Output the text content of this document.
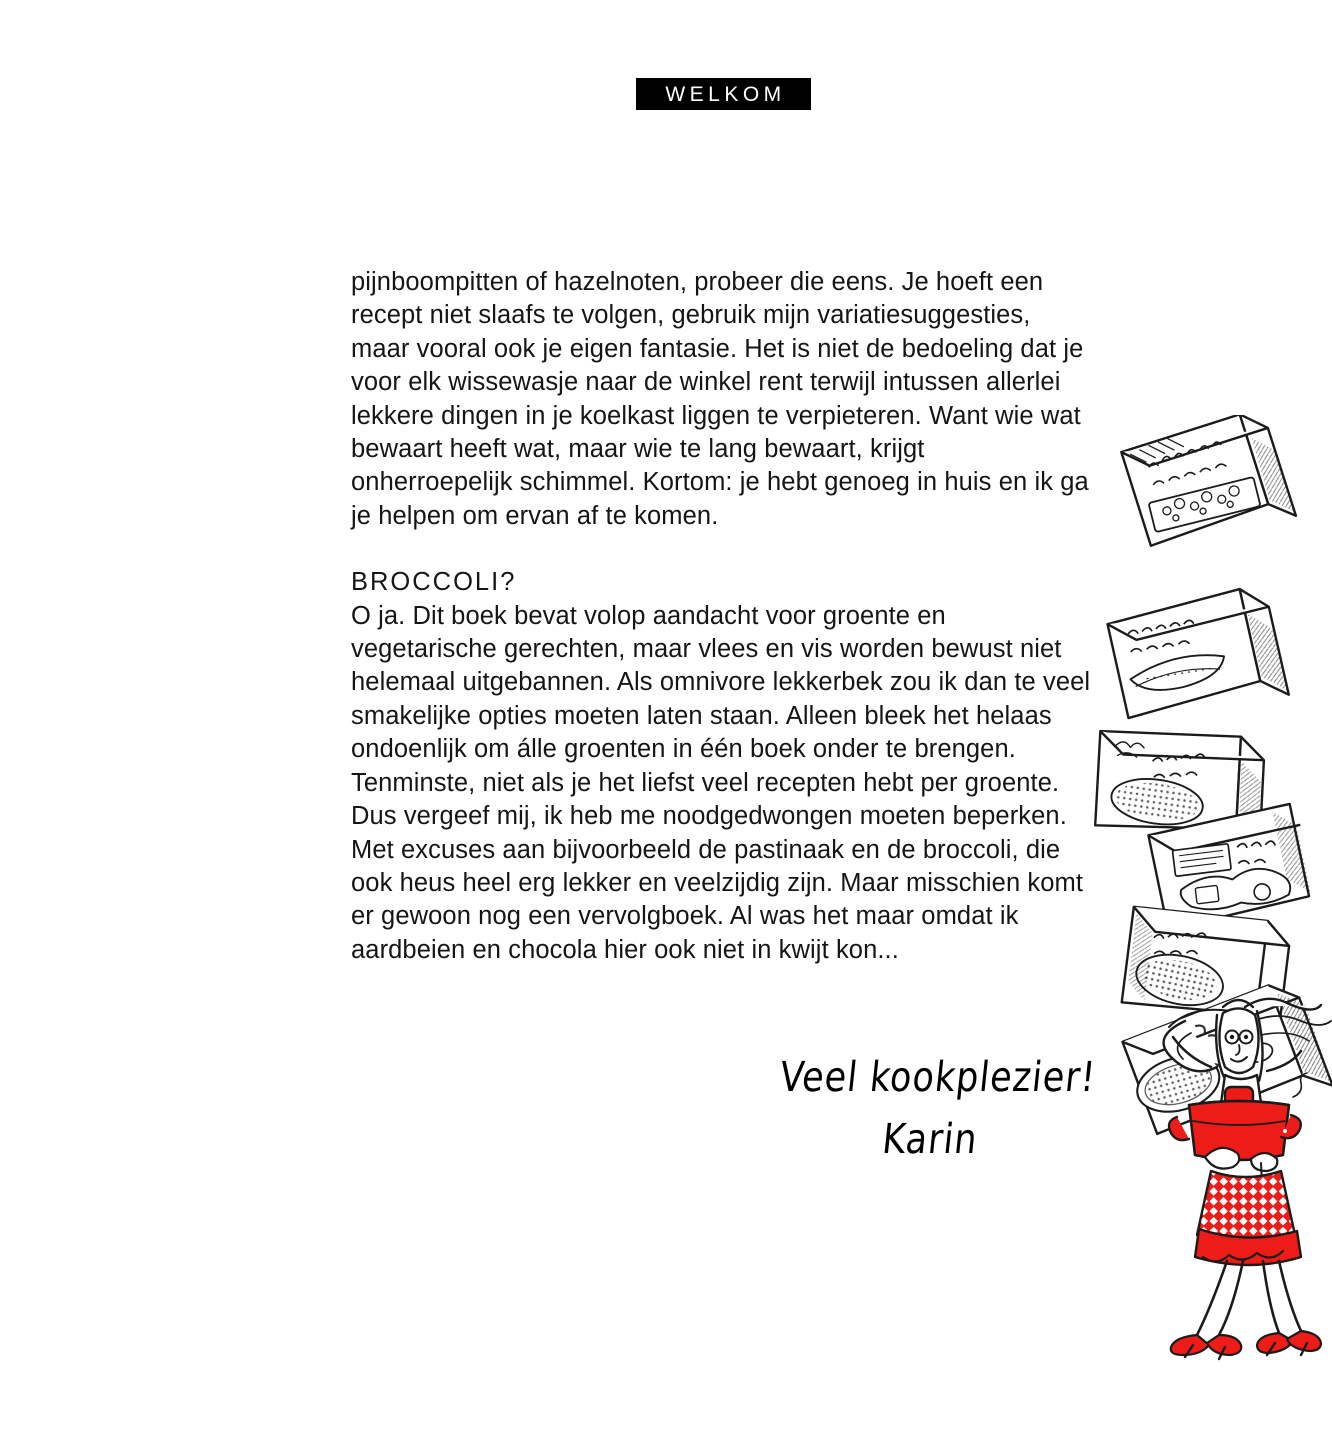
WELKOM

pijnboompitten of hazelnoten, probeer die eens. Je hoeft een recept niet slaafs te volgen, gebruik mijn variatiesuggesties, maar vooral ook je eigen fantasie. Het is niet de bedoeling dat je voor elk wissewasje naar de winkel rent terwijl intussen allerlei lekkere dingen in je koelkast liggen te verpieteren. Want wie wat bewaart heeft wat, maar wie te lang bewaart, krijgt onherroepelijk schimmel. Kortom: je hebt genoeg in huis en ik ga je helpen om ervan af te komen.

BROCCOLI?

O ja. Dit boek bevat volop aandacht voor groente en vegetarische gerechten, maar vlees en vis worden bewust niet helemaal uitgebannen. Als omnivore lekkerbek zou ik dan te veel smakelijke opties moeten laten staan. Alleen bleek het helaas ondoenlijk om álle groenten in één boek onder te brengen. Tenminste, niet als je het liefst veel recepten hebt per groente. Dus vergeef mij, ik heb me noodgedwongen moeten beperken. Met excuses aan bijvoorbeeld de pastinaak en de broccoli, die ook heus heel erg lekker en veelzijdig zijn. Maar misschien komt er gewoon nog een vervolgboek. Al was het maar omdat ik aardbeien en chocola hier ook niet in kwijt kon...

Veel kookplezier!
Karin
